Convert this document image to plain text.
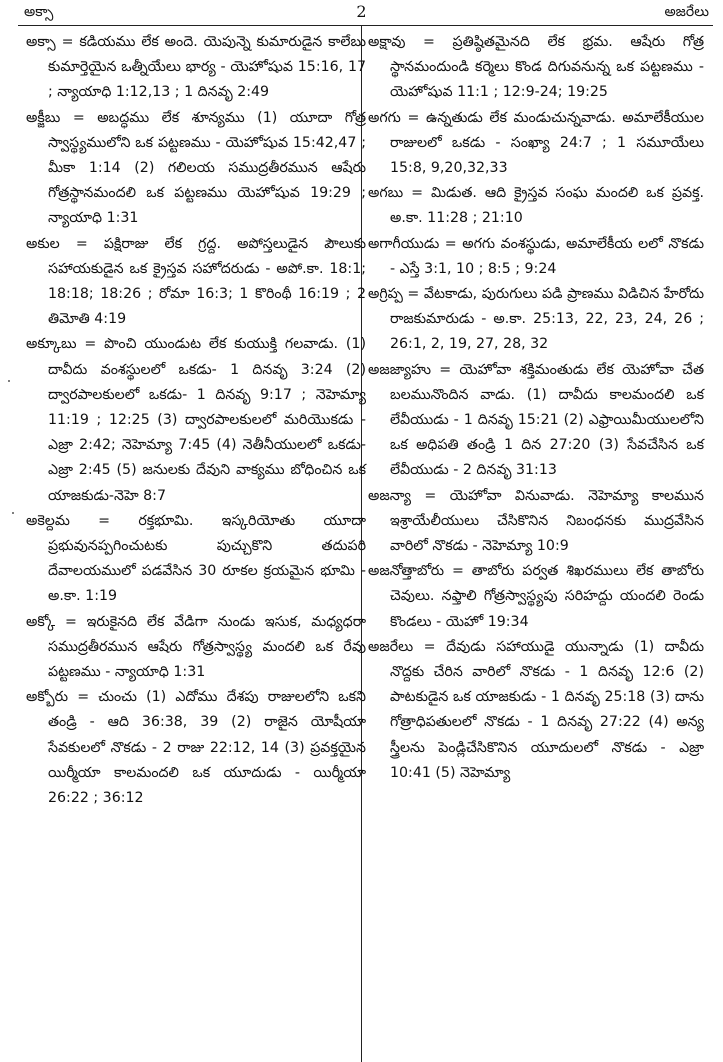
అక్సా	2	అజరేలు

అక్సా = కడియము లేక అందె. యెపున్నె కుమారుడైన కాలేబు కుమార్తెయైన ఒత్నీయేలు భార్య - యెహోషువ 15:16, 17 ; న్యాయాధి 1:12,13 ; 1 దినవృ 2:49

అక్జీబు = అబద్ధము లేక శూన్యము (1) యూదా గోత్ర స్వాస్థ్యములోని ఒక పట్టణము - యెహోషువ 15:42,47 ; మీకా 1:14 (2) గలిలయ సముద్రతీరమున ఆషేరు గోత్రస్థానమందలి ఒక పట్టణము యెహోషువ 19:29 ; న్యాయాధి 1:31

అకుల = పక్షిరాజు లేక గ్రద్ద. అపోస్తలుడైన పౌలుకు సహాయకుడైన ఒక క్రైస్తవ సహోదరుడు - అపో.కా. 18:1; 18:18; 18:26 ; రోమా 16:3; 1 కొరింథీ 16:19 ; 2 తిమోతి 4:19

అక్కూబు = పొంచి యుండుట లేక కుయుక్తి గలవాడు. (1) దావీదు వంశస్థులలో ఒకడు- 1 దినవృ 3:24 (2) ద్వారపాలకులలో ఒకడు- 1 దినవృ 9:17 ; నెహెమ్యా 11:19 ; 12:25 (3) ద్వారపాలకులలో మరియొకడు - ఎజ్రా 2:42; నెహెమ్యా 7:45 (4) నెతీనీయులలో ఒకడు-ఎజ్రా 2:45 (5) జనులకు దేవుని వాక్యము బోధించిన ఒక యాజకుడు-నెహె 8:7

అకెల్దమ = రక్తభూమి. ఇస్కరియోతు యూదా ప్రభువునప్పగించుటకు పుచ్చుకొని తదుపరి దేవాలయములో పడవేసిన 30 రూకల క్రయమైన భూమి - అ.కా. 1:19

అక్కో = ఇరుకైనది లేక వేడిగా నుండు ఇసుక, మధ్యధరా సముద్రతీరమున ఆషేరు గోత్రస్వాస్థ్య మందలి ఒక రేవు పట్టణము - న్యాయాధి 1:31

అక్బోరు = చుంచు (1) ఎదోము దేశపు రాజులలోని ఒకని తండ్రి - ఆది 36:38, 39 (2) రాజైన యోషీయా సేవకులలో నొకడు - 2 రాజు 22:12, 14 (3) ప్రవక్తయైన యిర్మీయా కాలమందలి ఒక యూదుడు - యిర్మీయా 26:22 ; 36:12

అక్షావు = ప్రతిష్ఠితమైనది లేక భ్రమ. ఆషేరు గోత్ర స్థానమందుండి కర్మెలు కొండ దిగువనున్న ఒక పట్టణము - యెహోషువ 11:1 ; 12:9-24; 19:25

అగగు = ఉన్నతుడు లేక మండుచున్నవాడు. అమాలేకీయుల రాజులలో ఒకడు - సంఖ్యా 24:7 ; 1 సమూయేలు 15:8, 9,20,32,33

అగబు = మిడుత. ఆది క్రైస్తవ సంఘ మందలి ఒక ప్రవక్త. అ.కా. 11:28 ; 21:10

అగాగీయుడు = అగగు వంశస్థుడు, అమాలేకీయ లలో నొకడు - ఎస్తే 3:1, 10 ; 8:5 ; 9:24

అగ్రిప్ప = వేటకాడు, పురుగులు పడి ప్రాణము విడిచిన హేరోదు రాజకుమారుడు - అ.కా. 25:13, 22, 23, 24, 26 ; 26:1, 2, 19, 27, 28, 32

అజజ్యాహు = యెహోవా శక్తిమంతుడు లేక యెహోవా చేత బలమునొందిన వాడు. (1) దావీదు కాలమందలి ఒక లేవీయుడు - 1 దినవృ 15:21 (2) ఎఫ్రాయిమీయులలోని ఒక అధిపతి తండ్రి 1 దిన 27:20 (3) సేవచేసిన ఒక లేవీయుడు - 2 దినవృ 31:13

అజన్యా = యెహోవా వినువాడు. నెహెమ్యా కాలమున ఇశ్రాయేలీయులు చేసికొనిన నిబంధనకు ముద్రవేసిన వారిలో నొకడు - నెహెమ్యా 10:9

అజనోత్తాబోరు = తాబోరు పర్వత శిఖరములు లేక తాబోరు చెవులు. నఫ్తాలి గోత్రస్వాస్థ్యపు సరిహద్దు యందలి రెండు కొండలు - యెహో 19:34

అజరేలు = దేవుడు సహాయుడై యున్నాడు (1) దావీదు నొద్దకు చేరిన వారిలో నొకడు - 1 దినవృ 12:6 (2) పాటకుడైన ఒక యాజకుడు - 1 దినవృ 25:18 (3) దాను గోత్రాధిపతులలో నొకడు - 1 దినవృ 27:22 (4) అన్య స్త్రీలను పెండ్లిచేసికొనిన యూదులలో నొకడు - ఎజ్రా 10:41 (5) నెహెమ్యా
